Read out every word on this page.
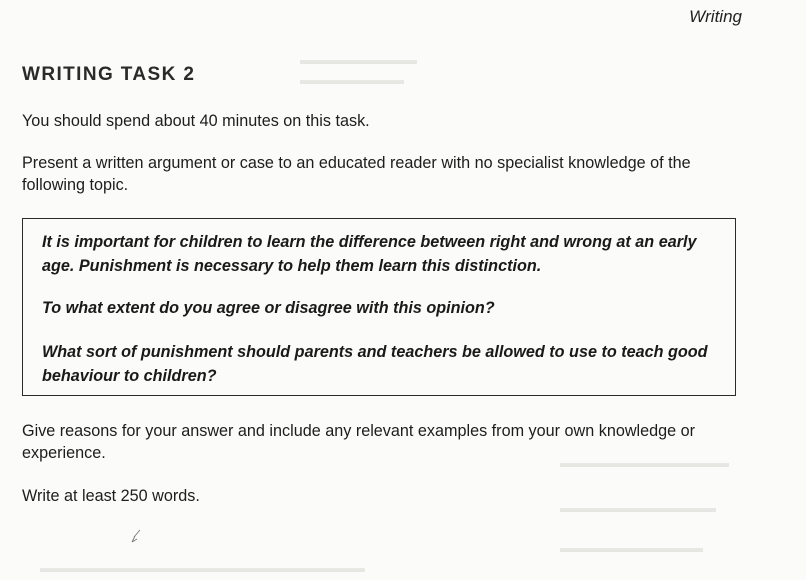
▬▬▬▬▬▬▬▬▬
▬▬▬▬▬▬▬▬
▬▬▬▬▬▬▬▬▬▬▬▬▬
▬▬▬▬▬▬▬▬▬▬▬▬
▬▬▬▬▬▬▬▬▬▬▬
▬▬▬▬▬▬▬▬▬▬▬▬▬▬▬▬▬▬▬▬▬▬▬▬▬
Writing
WRITING TASK 2
You should spend about 40 minutes on this task.
Present a written argument or case to an educated reader with no specialist knowledge of the following topic.
It is important for children to learn the difference between right and wrong at an early age. Punishment is necessary to help them learn this distinction.
To what extent do you agree or disagree with this opinion?
What sort of punishment should parents and teachers be allowed to use to teach good behaviour to children?
Give reasons for your answer and include any relevant examples from your own knowledge or experience.
Write at least 250 words.
